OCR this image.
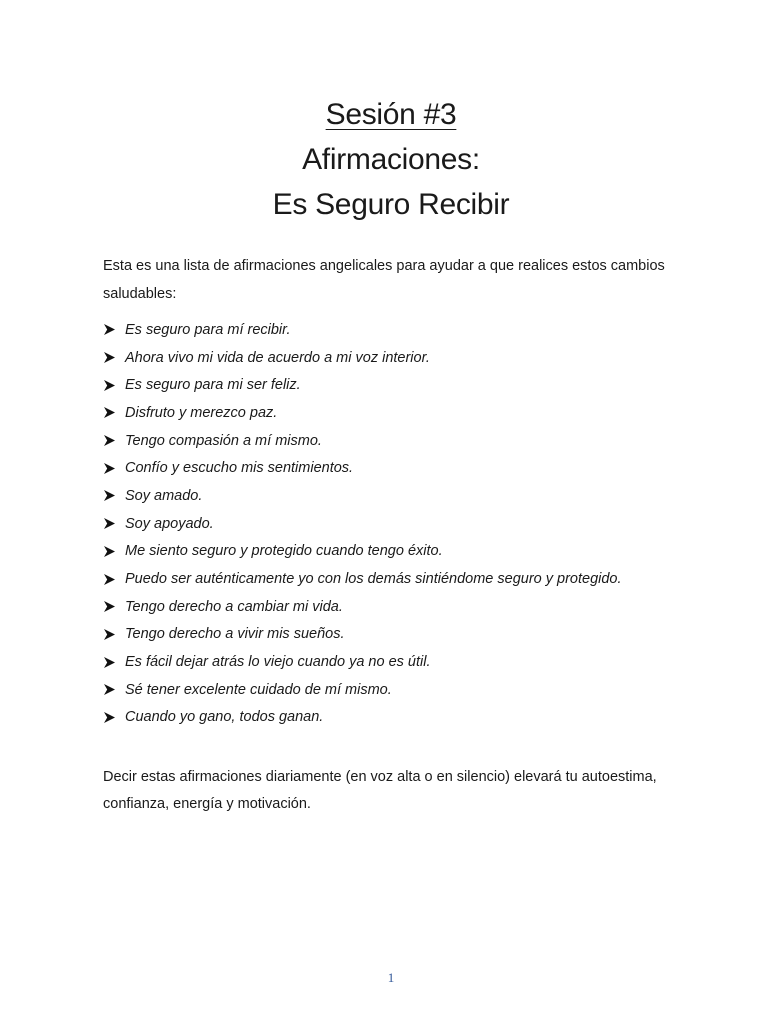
Sesión #3
Afirmaciones:
Es Seguro Recibir
Esta es una lista de afirmaciones angelicales para ayudar a que realices estos cambios saludables:
Es seguro para mí recibir.
Ahora vivo mi vida de acuerdo a mi voz interior.
Es seguro para mi ser feliz.
Disfruto y merezco paz.
Tengo compasión a mí mismo.
Confío y escucho mis sentimientos.
Soy amado.
Soy apoyado.
Me siento seguro y protegido cuando tengo éxito.
Puedo ser auténticamente yo con los demás sintiéndome seguro y protegido.
Tengo derecho a cambiar mi vida.
Tengo derecho a vivir mis sueños.
Es fácil dejar atrás lo viejo cuando ya no es útil.
Sé tener excelente cuidado de mí mismo.
Cuando yo gano, todos ganan.
Decir estas afirmaciones diariamente (en voz alta o en silencio) elevará tu autoestima, confianza, energía y motivación.
1
